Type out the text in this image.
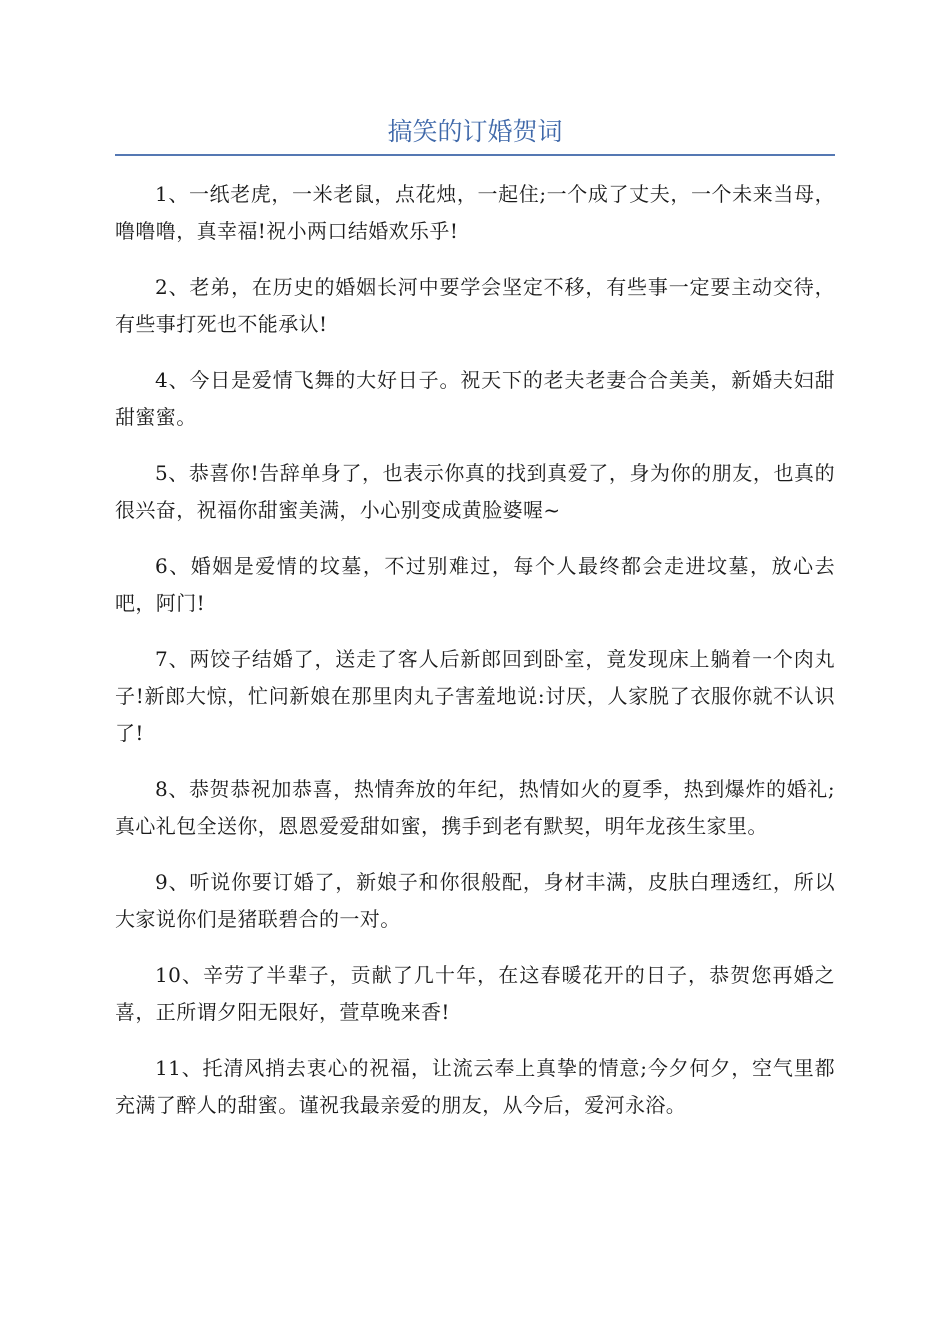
搞笑的订婚贺词

1、一纸老虎，一米老鼠，点花烛，一起住;一个成了丈夫，一个未来当母，噜噜噜，真幸福!祝小两口结婚欢乐乎!

2、老弟，在历史的婚姻长河中要学会坚定不移，有些事一定要主动交待，有些事打死也不能承认!

4、今日是爱情飞舞的大好日子。祝天下的老夫老妻合合美美，新婚夫妇甜甜蜜蜜。

5、恭喜你!告辞单身了，也表示你真的找到真爱了，身为你的朋友，也真的很兴奋，祝福你甜蜜美满，小心别变成黄脸婆喔~

6、婚姻是爱情的坟墓，不过别难过，每个人最终都会走进坟墓，放心去吧，阿门!

7、两饺子结婚了，送走了客人后新郎回到卧室，竟发现床上躺着一个肉丸子!新郎大惊，忙问新娘在那里肉丸子害羞地说:讨厌，人家脱了衣服你就不认识了!

8、恭贺恭祝加恭喜，热情奔放的年纪，热情如火的夏季，热到爆炸的婚礼;真心礼包全送你，恩恩爱爱甜如蜜，携手到老有默契，明年龙孩生家里。

9、听说你要订婚了，新娘子和你很般配，身材丰满，皮肤白理透红，所以大家说你们是猪联碧合的一对。

10、辛劳了半辈子，贡献了几十年，在这春暖花开的日子，恭贺您再婚之喜，正所谓夕阳无限好，萱草晚来香!

11、托清风捎去衷心的祝福，让流云奉上真挚的情意;今夕何夕，空气里都充满了醉人的甜蜜。谨祝我最亲爱的朋友，从今后，爱河永浴。
